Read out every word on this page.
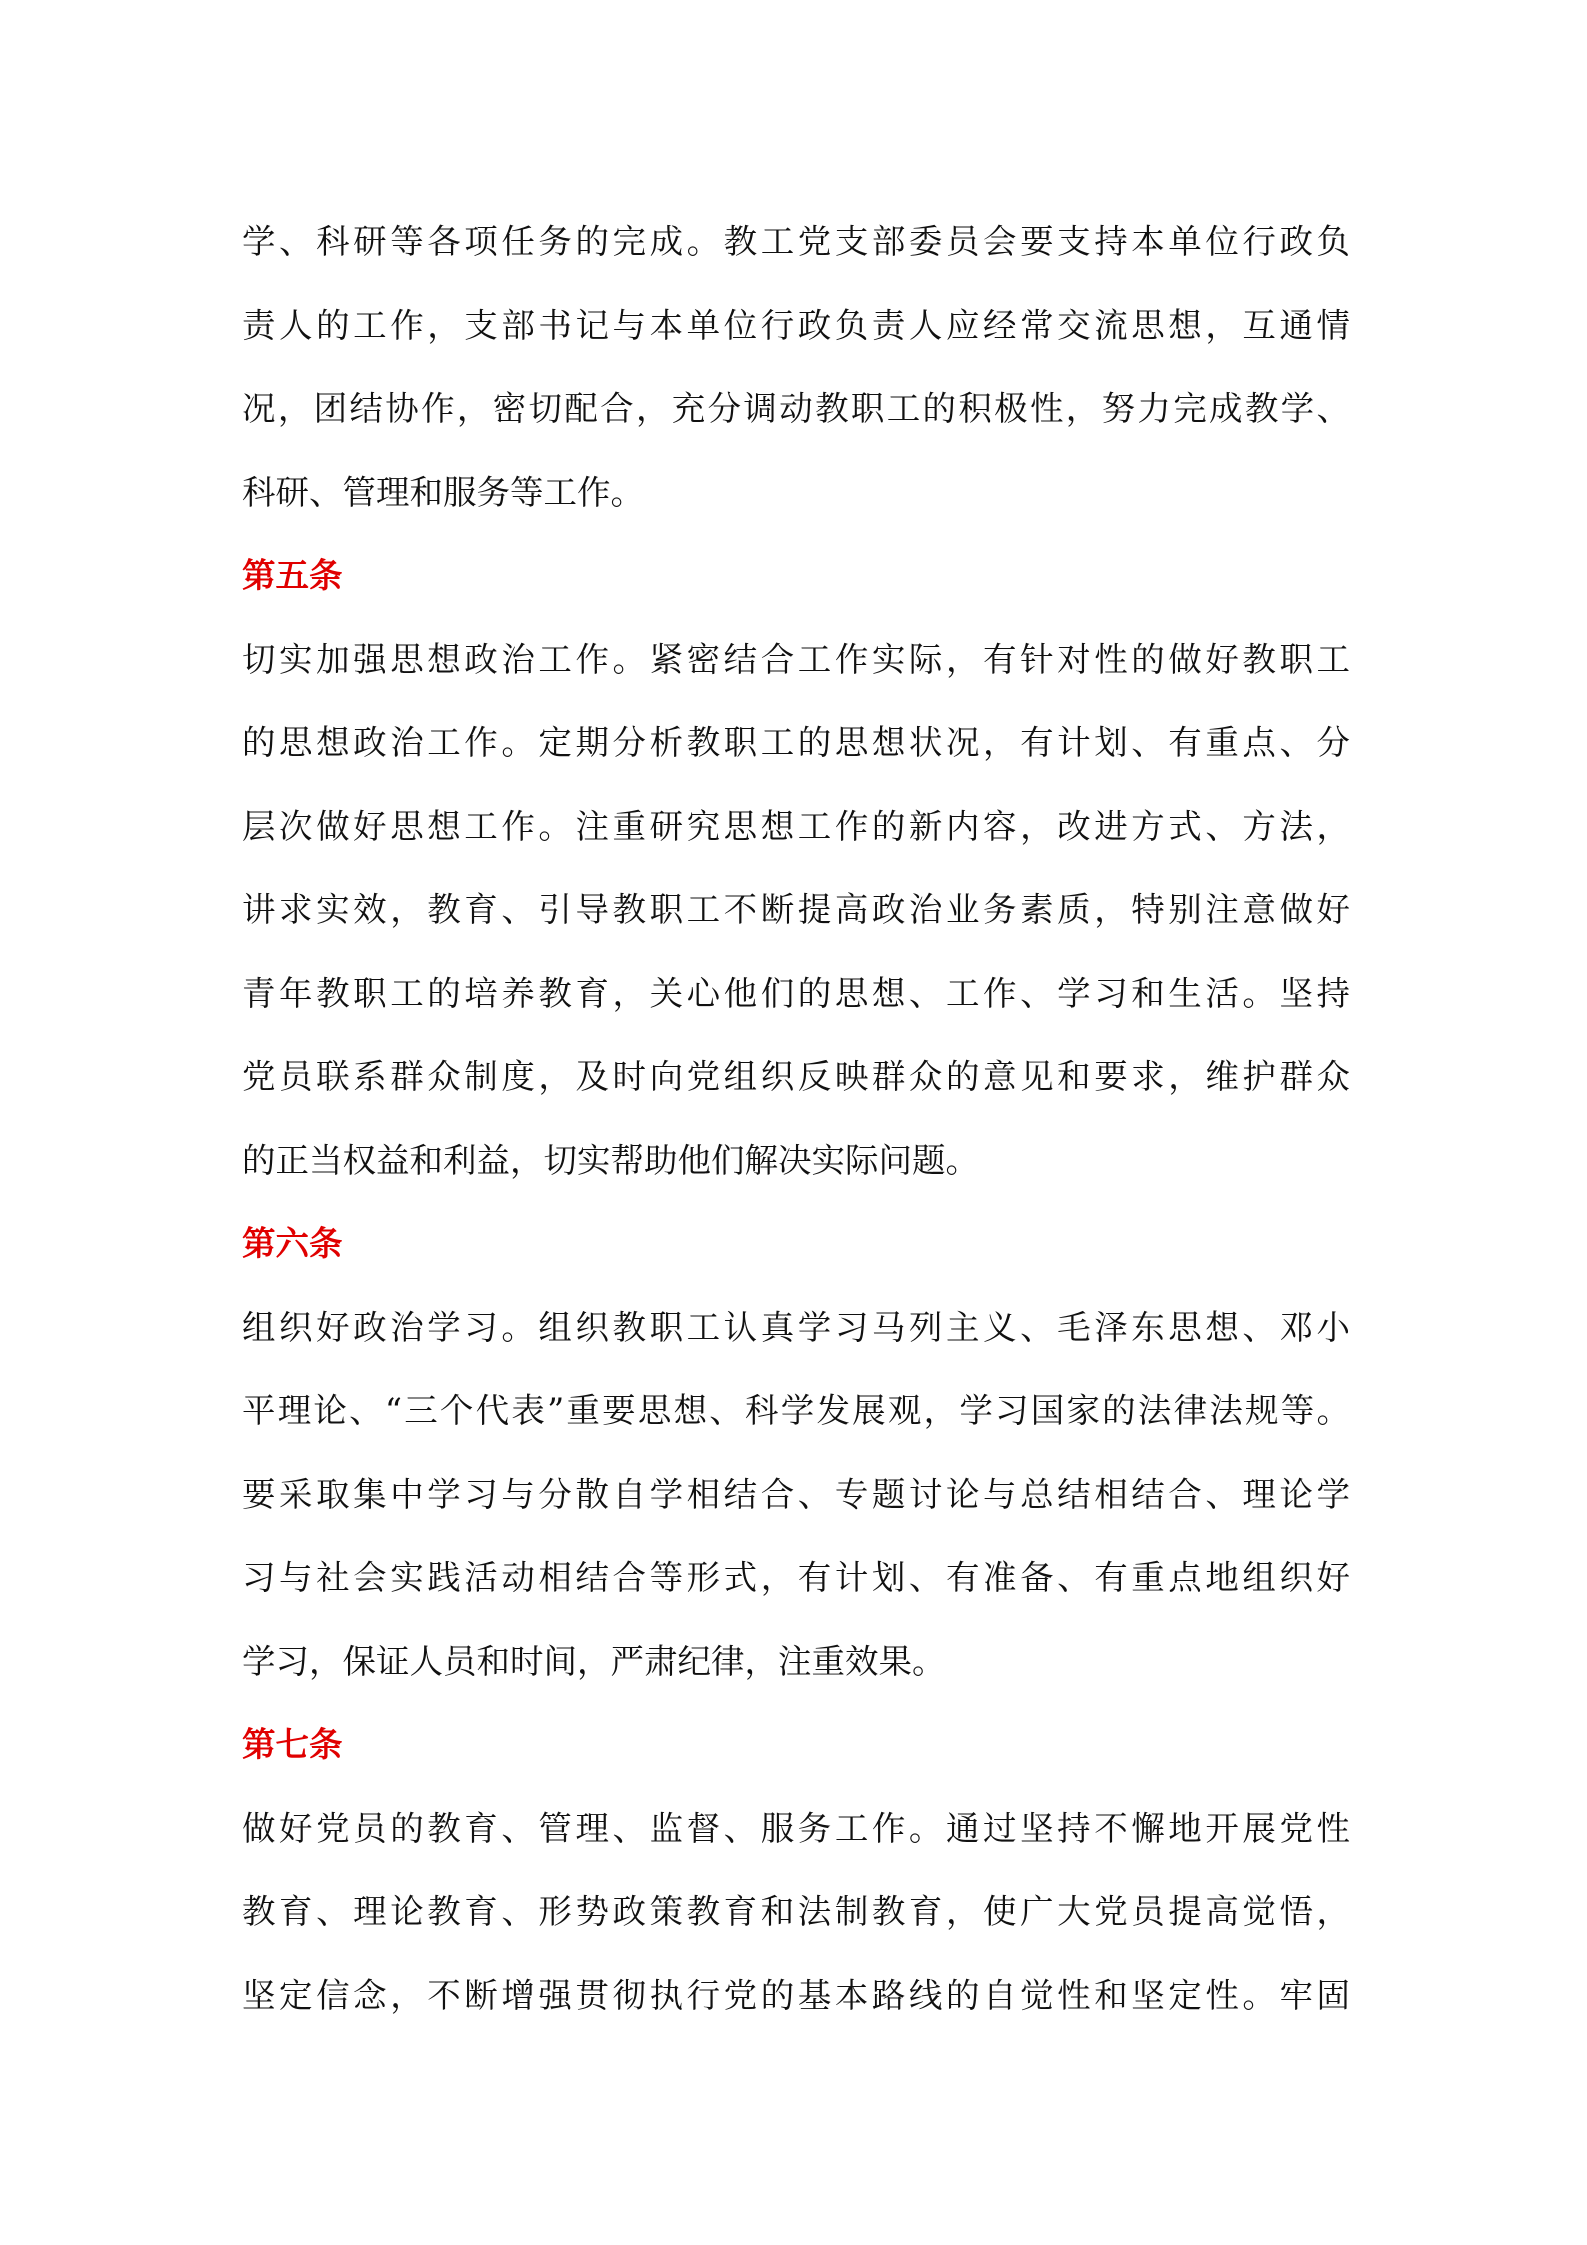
学、科研等各项任务的完成。教工党支部委员会要支持本单位行政负
责人的工作，支部书记与本单位行政负责人应经常交流思想，互通情
况，团结协作，密切配合，充分调动教职工的积极性，努力完成教学、
科研、管理和服务等工作。
第五条
切实加强思想政治工作。紧密结合工作实际，有针对性的做好教职工
的思想政治工作。定期分析教职工的思想状况，有计划、有重点、分
层次做好思想工作。注重研究思想工作的新内容，改进方式、方法，
讲求实效，教育、引导教职工不断提高政治业务素质，特别注意做好
青年教职工的培养教育，关心他们的思想、工作、学习和生活。坚持
党员联系群众制度，及时向党组织反映群众的意见和要求，维护群众
的正当权益和利益，切实帮助他们解决实际问题。
第六条
组织好政治学习。组织教职工认真学习马列主义、毛泽东思想、邓小
平理论、“三个代表”重要思想、科学发展观，学习国家的法律法规等。
要采取集中学习与分散自学相结合、专题讨论与总结相结合、理论学
习与社会实践活动相结合等形式，有计划、有准备、有重点地组织好
学习，保证人员和时间，严肃纪律，注重效果。
第七条
做好党员的教育、管理、监督、服务工作。通过坚持不懈地开展党性
教育、理论教育、形势政策教育和法制教育，使广大党员提高觉悟，
坚定信念，不断增强贯彻执行党的基本路线的自觉性和坚定性。牢固
